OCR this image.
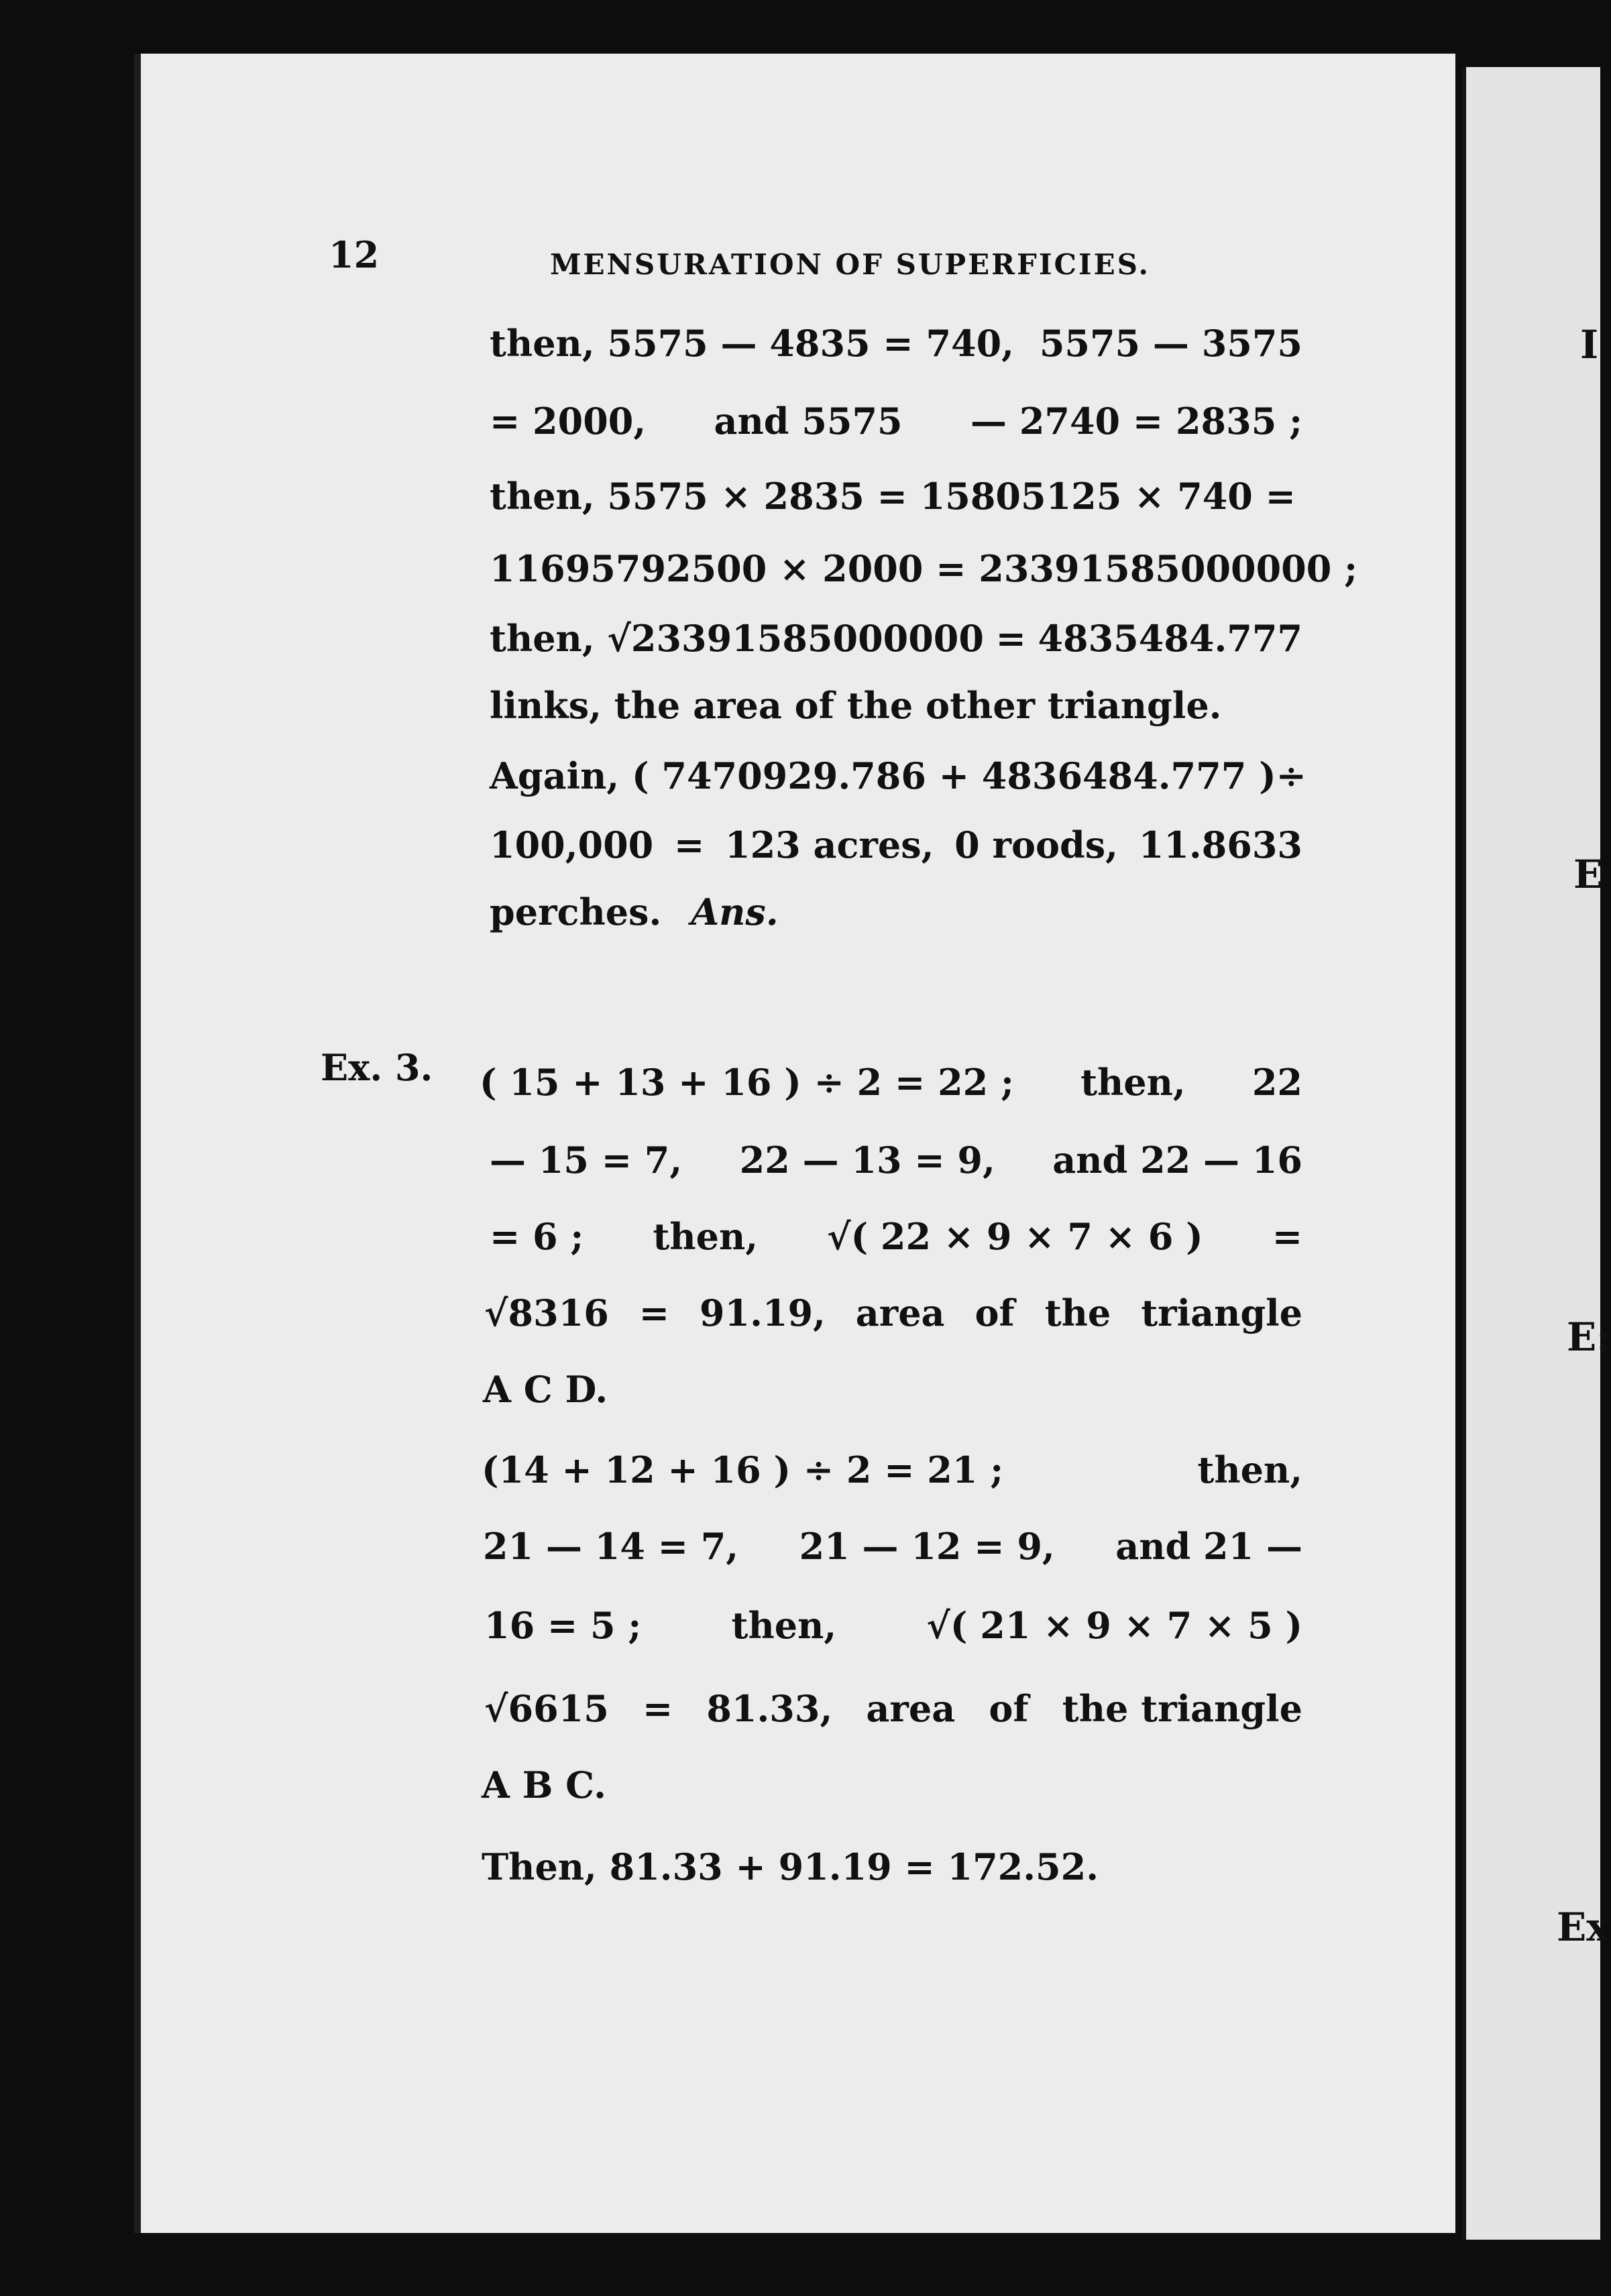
I
E
E:
Ex
12	MENSURATION OF SUPERFICIES.
then, 5575 — 4835 = 740, 5575 — 3575
= 2000, and 5575 — 2740 = 2835 ;
then, 5575 × 2835 = 15805125 × 740 =
11695792500 × 2000 = 23391585000000 ;
then, √23391585000000 = 4835484.777
links, the area of the other triangle.
Again, ( 7470929.786 + 4836484.777 ) ÷
100,000 = 123 acres, 0 roods, 11.8633
perches. Ans.
Ex. 3. ( 15 + 13 + 16 ) ÷ 2 = 22 ; then, 22
— 15 = 7, 22 — 13 = 9, and 22 — 16
= 6 ; then, √( 22 × 9 × 7 × 6 ) =
√8316 = 91.19, area of the triangle
A C D.
(14 + 12 + 16 ) ÷ 2 = 21 ;	then,
21 — 14 = 7, 21 — 12 = 9, and 21 —
16 = 5 ; then, √( 21 × 9 × 7 × 5 )
√6615 = 81.33, area of the triangle
A B C.
Then, 81.33 + 91.19 = 172.52.
